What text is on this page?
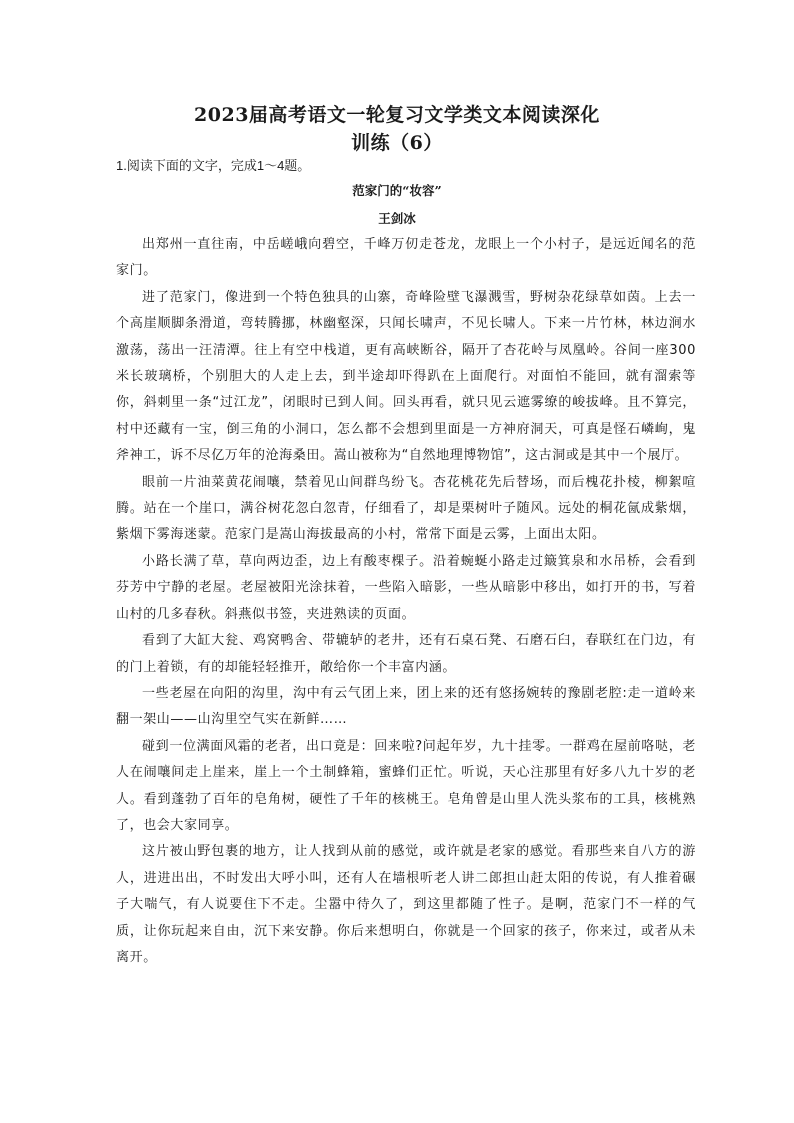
2023届高考语文一轮复习文学类文本阅读深化
训练（6）
1.阅读下面的文字，完成1～4题。
范家门的“妆容”
王剑冰

出郑州一直往南，中岳嵯峨向碧空，千峰万仞走苍龙，龙眼上一个小村子，是远近闻名的范家门。

进了范家门，像进到一个特色独具的山寨，奇峰险壁飞瀑溅雪，野树杂花绿草如茵。上去一个高崖顺脚条滑道，弯转腾挪，林幽壑深，只闻长啸声，不见长啸人。下来一片竹林，林边涧水激荡，荡出一汪清潭。往上有空中栈道，更有高峡断谷，隔开了杏花岭与凤凰岭。谷间一座300米长玻璃桥，个别胆大的人走上去，到半途却吓得趴在上面爬行。对面怕不能回，就有溜索等你，斜刺里一条“过江龙”，闭眼时已到人间。回头再看，就只见云遮雾缭的峻拔峰。且不算完，村中还藏有一宝，倒三角的小洞口，怎么都不会想到里面是一方神府洞天，可真是怪石嶙峋，鬼斧神工，诉不尽亿万年的沧海桑田。嵩山被称为“自然地理博物馆”，这古洞或是其中一个展厅。

眼前一片油菜黄花闹嚷，禁着见山间群鸟纷飞。杏花桃花先后替场，而后槐花扑棱，柳絮喧腾。站在一个崖口，满谷树花忽白忽青，仔细看了，却是栗树叶子随风。远处的桐花氤成紫烟，紫烟下雾海迷蒙。范家门是嵩山海拔最高的小村，常常下面是云雾，上面出太阳。

小路长满了草，草向两边歪，边上有酸枣棵子。沿着蜿蜒小路走过簸箕泉和水吊桥，会看到芬芳中宁静的老屋。老屋被阳光涂抹着，一些陷入暗影，一些从暗影中移出，如打开的书，写着山村的几多春秋。斜燕似书签，夹进熟读的页面。

看到了大缸大瓮、鸡窝鸭舍、带辘轳的老井，还有石桌石凳、石磨石臼，春联红在门边，有的门上着锁，有的却能轻轻推开，敞给你一个丰富内涵。

一些老屋在向阳的沟里，沟中有云气团上来，团上来的还有悠扬婉转的豫剧老腔:走一道岭来翻一架山——山沟里空气实在新鲜……

碰到一位满面风霜的老者，出口竟是：回来啦?问起年岁，九十挂零。一群鸡在屋前咯哒，老人在闹嚷间走上崖来，崖上一个土制蜂箱，蜜蜂们正忙。听说，天心注那里有好多八九十岁的老人。看到蓬勃了百年的皂角树，硬性了千年的核桃王。皂角曾是山里人洗头浆布的工具，核桃熟了，也会大家同享。

这片被山野包裹的地方，让人找到从前的感觉，或许就是老家的感觉。看那些来自八方的游人，进进出出，不时发出大呼小叫，还有人在墙根听老人讲二郎担山赶太阳的传说，有人推着碾子大喘气，有人说要住下不走。尘嚣中待久了，到这里都随了性子。是啊，范家门不一样的气质，让你玩起来自由，沉下来安静。你后来想明白，你就是一个回家的孩子，你来过，或者从未离开。
